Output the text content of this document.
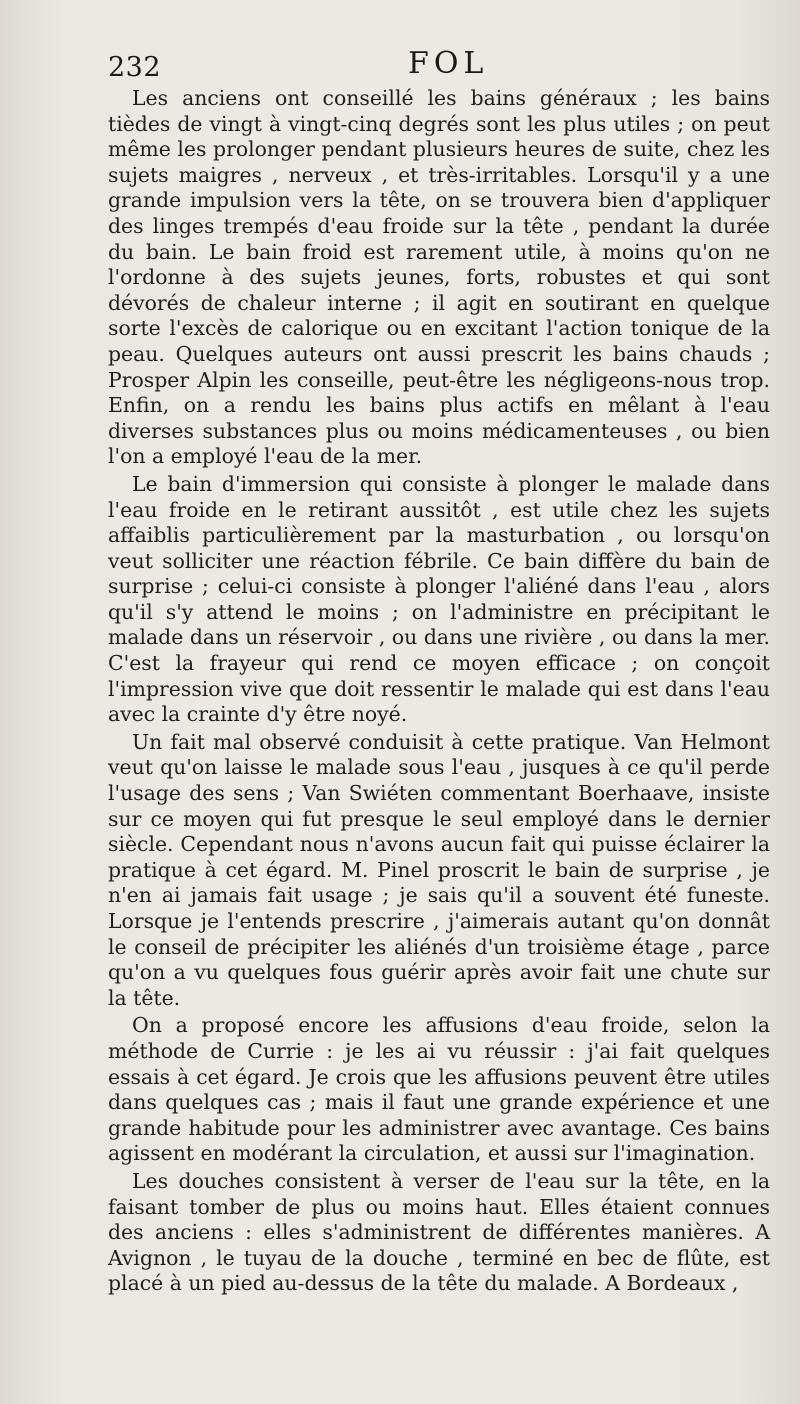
232	FOL

Les anciens ont conseillé les bains généraux ; les bains tièdes de vingt à vingt-cinq degrés sont les plus utiles ; on peut même les prolonger pendant plusieurs heures de suite, chez les sujets maigres , nerveux , et très-irritables. Lorsqu'il y a une grande impulsion vers la tête, on se trouvera bien d'appliquer des linges trempés d'eau froide sur la tête , pendant la durée du bain. Le bain froid est rarement utile, à moins qu'on ne l'ordonne à des sujets jeunes, forts, robustes et qui sont dévorés de chaleur interne ; il agit en soutirant en quelque sorte l'excès de calorique ou en excitant l'action tonique de la peau. Quelques auteurs ont aussi prescrit les bains chauds ; Prosper Alpin les conseille, peut-être les négligeons-nous trop. Enfin, on a rendu les bains plus actifs en mêlant à l'eau diverses substances plus ou moins médicamenteuses , ou bien l'on a employé l'eau de la mer.

Le bain d'immersion qui consiste à plonger le malade dans l'eau froide en le retirant aussitôt , est utile chez les sujets affaiblis particulièrement par la masturbation , ou lorsqu'on veut solliciter une réaction fébrile. Ce bain diffère du bain de surprise ; celui-ci consiste à plonger l'aliéné dans l'eau , alors qu'il s'y attend le moins ; on l'administre en précipitant le malade dans un réservoir , ou dans une rivière , ou dans la mer. C'est la frayeur qui rend ce moyen efficace ; on conçoit l'impression vive que doit ressentir le malade qui est dans l'eau avec la crainte d'y être noyé.

Un fait mal observé conduisit à cette pratique. Van Helmont veut qu'on laisse le malade sous l'eau , jusques à ce qu'il perde l'usage des sens ; Van Swiéten commentant Boerhaave, insiste sur ce moyen qui fut presque le seul employé dans le dernier siècle. Cependant nous n'avons aucun fait qui puisse éclairer la pratique à cet égard. M. Pinel proscrit le bain de surprise , je n'en ai jamais fait usage ; je sais qu'il a souvent été funeste. Lorsque je l'entends prescrire , j'aimerais autant qu'on donnât le conseil de précipiter les aliénés d'un troisième étage , parce qu'on a vu quelques fous guérir après avoir fait une chute sur la tête.

On a proposé encore les affusions d'eau froide, selon la méthode de Currie : je les ai vu réussir : j'ai fait quelques essais à cet égard. Je crois que les affusions peuvent être utiles dans quelques cas ; mais il faut une grande expérience et une grande habitude pour les administrer avec avantage. Ces bains agissent en modérant la circulation, et aussi sur l'imagination.

Les douches consistent à verser de l'eau sur la tête, en la faisant tomber de plus ou moins haut. Elles étaient connues des anciens : elles s'administrent de différentes manières. A Avignon , le tuyau de la douche , terminé en bec de flûte, est placé à un pied au-dessus de la tête du malade. A Bordeaux ,
